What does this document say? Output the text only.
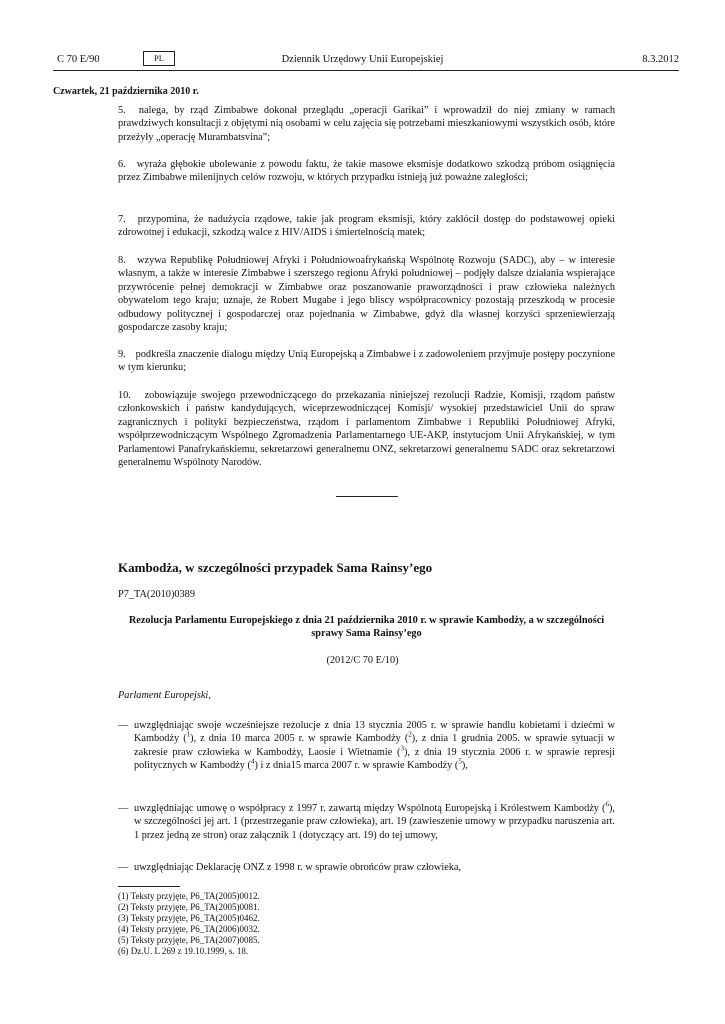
C 70 E/90	PL	Dziennik Urzędowy Unii Europejskiej	8.3.2012
Czwartek, 21 października 2010 r.

5. nalega, by rząd Zimbabwe dokonał przeglądu „operacji Garikai” i wprowadził do niej zmiany w ramach prawdziwych konsultacji z objętymi nią osobami w celu zajęcia się potrzebami mieszkaniowymi wszystkich osób, które przeżyły „operację Murambatsvina”;

6. wyraża głębokie ubolewanie z powodu faktu, że takie masowe eksmisje dodatkowo szkodzą próbom osiągnięcia przez Zimbabwe milenijnych celów rozwoju, w których przypadku istnieją już poważne zaległości;

7. przypomina, że nadużycia rządowe, takie jak program eksmisji, który zakłócił dostęp do podstawowej opieki zdrowotnej i edukacji, szkodzą walce z HIV/AIDS i śmiertelnością matek;

8. wzywa Republikę Południowej Afryki i Południowoafrykańską Wspólnotę Rozwoju (SADC), aby – w interesie własnym, a także w interesie Zimbabwe i szerszego regionu Afryki południowej – podjęły dalsze działania wspierające przywrócenie pełnej demokracji w Zimbabwe oraz poszanowanie praworządności i praw człowieka należnych obywatelom tego kraju; uznaje, że Robert Mugabe i jego bliscy współpracownicy pozostają przeszkodą w procesie odbudowy politycznej i gospodarczej oraz pojednania w Zimbabwe, gdyż dla własnej korzyści sprzeniewierzają gospodarcze zasoby kraju;

9. podkreśla znaczenie dialogu między Unią Europejską a Zimbabwe i z zadowoleniem przyjmuje postępy poczynione w tym kierunku;

10. zobowiązuje swojego przewodniczącego do przekazania niniejszej rezolucji Radzie, Komisji, rządom państw członkowskich i państw kandydujących, wiceprzewodniczącej Komisji/ wysokiej przedstawiciel Unii do spraw zagranicznych i polityki bezpieczeństwa, rządom i parlamentom Zimbabwe i Republiki Południowej Afryki, współprzewodniczącym Wspólnego Zgromadzenia Parlamentarnego UE-AKP, instytucjom Unii Afrykańskiej, w tym Parlamentowi Panafrykańskiemu, sekretarzowi generalnemu ONZ, sekretarzowi generalnemu SADC oraz sekretarzowi generalnemu Wspólnoty Narodów.

Kambodża, w szczególności przypadek Sama Rainsy’ego
P7_TA(2010)0389

Rezolucja Parlamentu Europejskiego z dnia 21 października 2010 r. w sprawie Kambodży, a w szczególności sprawy Sama Rainsy’ego

(2012/C 70 E/10)
Parlament Europejski,

— uwzględniając swoje wcześniejsze rezolucje z dnia 13 stycznia 2005 r. w sprawie handlu kobietami i dziećmi w Kambodży ($^1$), z dnia 10 marca 2005 r. w sprawie Kambodży ($^2$), z dnia 1 grudnia 2005. w sprawie sytuacji w zakresie praw człowieka w Kambodży, Laosie i Wietnamie ($^3$), z dnia 19 stycznia 2006 r. w sprawie represji politycznych w Kambodży ($^4$) i z dnia15 marca 2007 r. w sprawie Kambodży ($^5$),

— uwzględniając umowę o współpracy z 1997 r. zawartą między Wspólnotą Europejską i Królestwem Kambodży ($^6$), w szczególności jej art. 1 (przestrzeganie praw człowieka), art. 19 (zawieszenie umowy w przypadku naruszenia art. 1 przez jedną ze stron) oraz załącznik 1 (dotyczący art. 19) do tej umowy,

— uwzględniając Deklarację ONZ z 1998 r. w sprawie obrońców praw człowieka,

(1) Teksty przyjęte, P6_TA(2005)0012.
(2) Teksty przyjęte, P6_TA(2005)0081.
(3) Teksty przyjęte, P6_TA(2005)0462.
(4) Teksty przyjęte, P6_TA(2006)0032.
(5) Teksty przyjęte, P6_TA(2007)0085.
(6) Dz.U. L 269 z 19.10.1999, s. 18.
